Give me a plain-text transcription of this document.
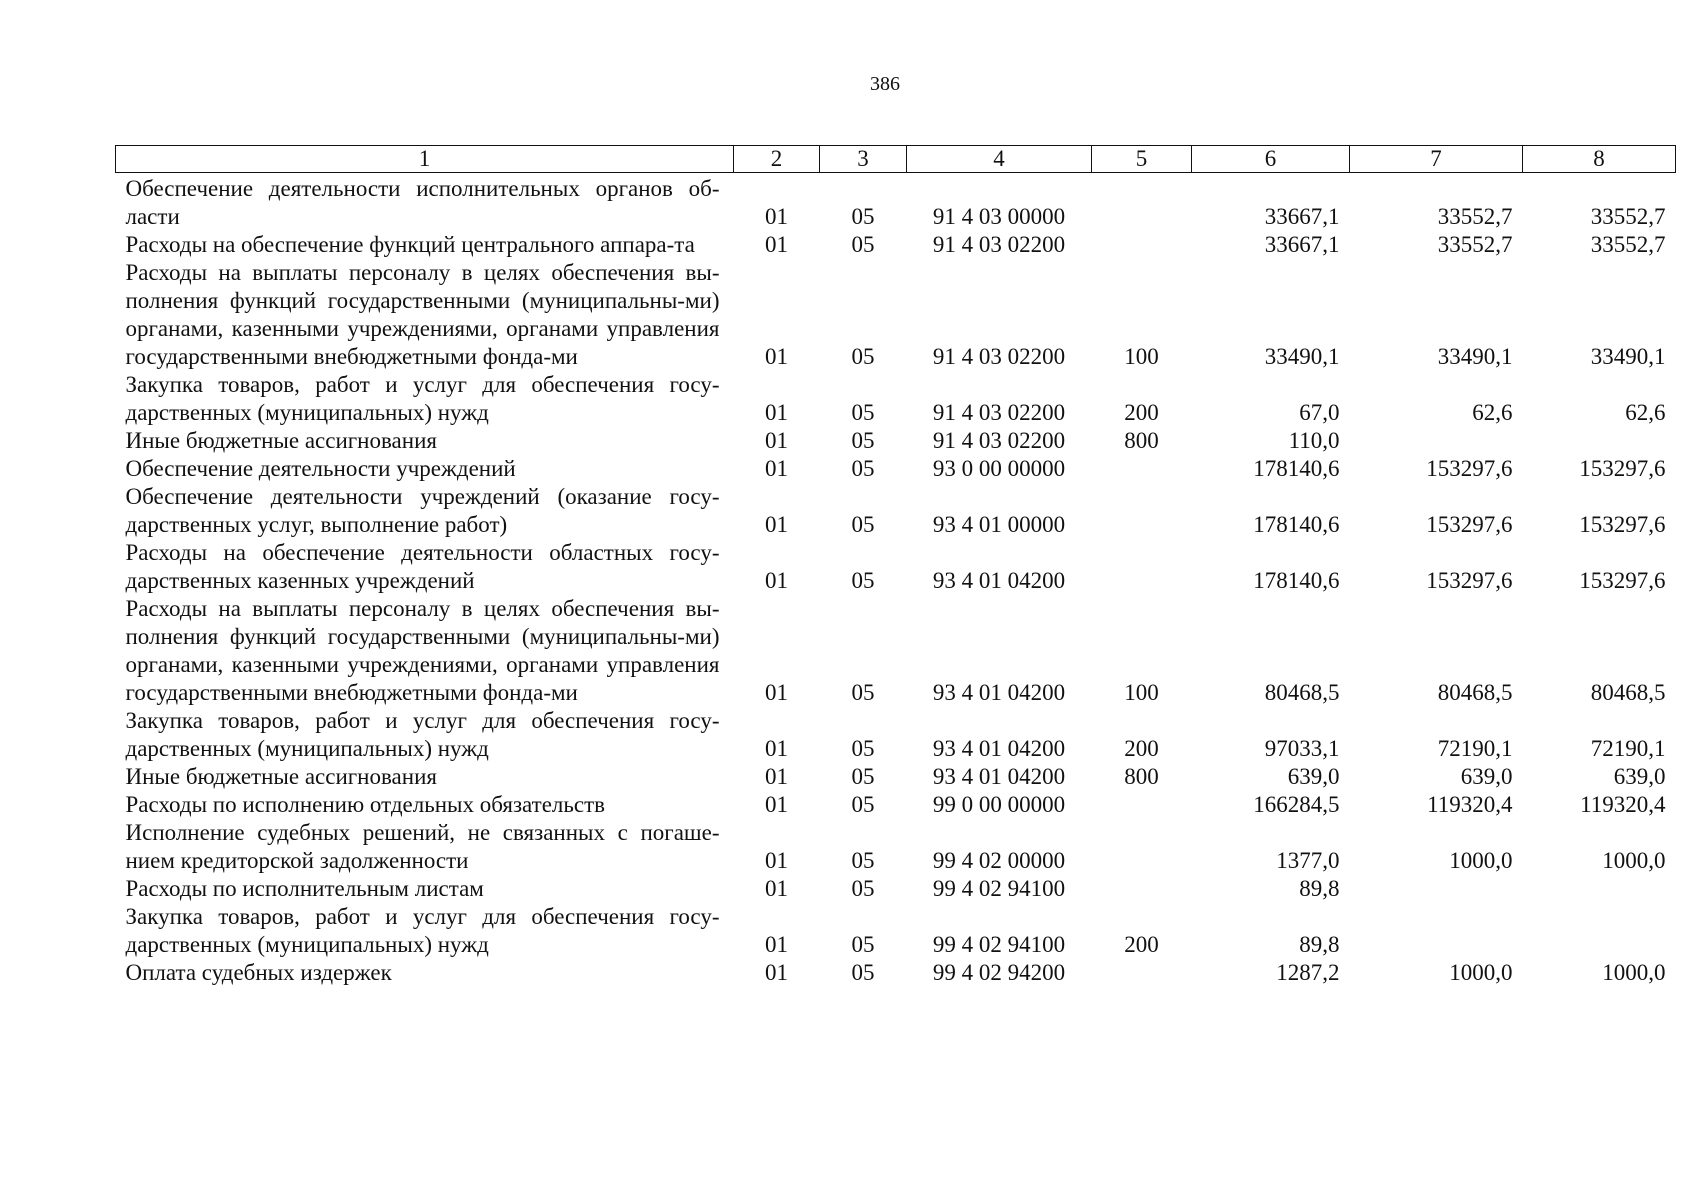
386
1	2	3	4	5	6	7	8
Обеспечение деятельности исполнительных органов об-ласти	01	05	91 4 03 00000		33667,1	33552,7	33552,7
Расходы на обеспечение функций центрального аппара-та	01	05	91 4 03 02200		33667,1	33552,7	33552,7
Расходы на выплаты персоналу в целях обеспечения вы-полнения функций государственными (муниципальны-ми) органами, казенными учреждениями, органами управления государственными внебюджетными фонда-ми	01	05	91 4 03 02200	100	33490,1	33490,1	33490,1
Закупка товаров, работ и услуг для обеспечения госу-дарственных (муниципальных) нужд	01	05	91 4 03 02200	200	67,0	62,6	62,6
Иные бюджетные ассигнования	01	05	91 4 03 02200	800	110,0		
Обеспечение деятельности учреждений	01	05	93 0 00 00000		178140,6	153297,6	153297,6
Обеспечение деятельности учреждений (оказание госу-дарственных услуг, выполнение работ)	01	05	93 4 01 00000		178140,6	153297,6	153297,6
Расходы на обеспечение деятельности областных госу-дарственных казенных учреждений	01	05	93 4 01 04200		178140,6	153297,6	153297,6
Расходы на выплаты персоналу в целях обеспечения вы-полнения функций государственными (муниципальны-ми) органами, казенными учреждениями, органами управления государственными внебюджетными фонда-ми	01	05	93 4 01 04200	100	80468,5	80468,5	80468,5
Закупка товаров, работ и услуг для обеспечения госу-дарственных (муниципальных) нужд	01	05	93 4 01 04200	200	97033,1	72190,1	72190,1
Иные бюджетные ассигнования	01	05	93 4 01 04200	800	639,0	639,0	639,0
Расходы по исполнению отдельных обязательств	01	05	99 0 00 00000		166284,5	119320,4	119320,4
Исполнение судебных решений, не связанных с погаше-нием кредиторской задолженности	01	05	99 4 02 00000		1377,0	1000,0	1000,0
Расходы по исполнительным листам	01	05	99 4 02 94100		89,8		
Закупка товаров, работ и услуг для обеспечения госу-дарственных (муниципальных) нужд	01	05	99 4 02 94100	200	89,8		
Оплата судебных издержек	01	05	99 4 02 94200		1287,2	1000,0	1000,0
